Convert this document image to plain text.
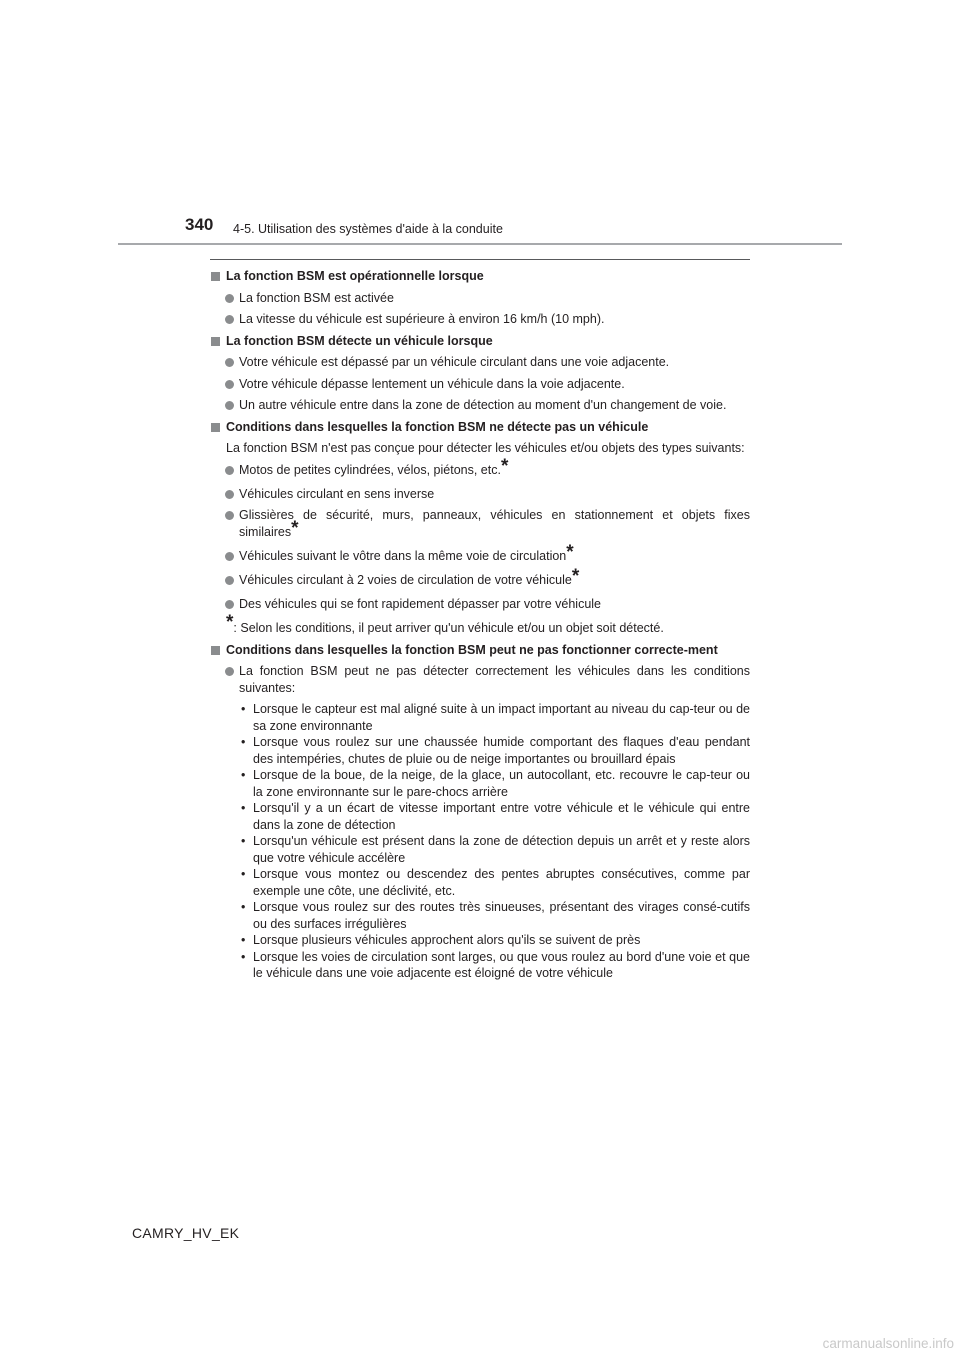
340 4-5. Utilisation des systèmes d'aide à la conduite
La fonction BSM est opérationnelle lorsque
La fonction BSM est activée
La vitesse du véhicule est supérieure à environ 16 km/h (10 mph).
La fonction BSM détecte un véhicule lorsque
Votre véhicule est dépassé par un véhicule circulant dans une voie adjacente.
Votre véhicule dépasse lentement un véhicule dans la voie adjacente.
Un autre véhicule entre dans la zone de détection au moment d'un changement de voie.
Conditions dans lesquelles la fonction BSM ne détecte pas un véhicule
La fonction BSM n'est pas conçue pour détecter les véhicules et/ou objets des types suivants:
Motos de petites cylindrées, vélos, piétons, etc.*
Véhicules circulant en sens inverse
Glissières de sécurité, murs, panneaux, véhicules en stationnement et objets fixes similaires*
Véhicules suivant le vôtre dans la même voie de circulation*
Véhicules circulant à 2 voies de circulation de votre véhicule*
Des véhicules qui se font rapidement dépasser par votre véhicule
*: Selon les conditions, il peut arriver qu'un véhicule et/ou un objet soit détecté.
Conditions dans lesquelles la fonction BSM peut ne pas fonctionner correcte-ment
La fonction BSM peut ne pas détecter correctement les véhicules dans les conditions suivantes:
• Lorsque le capteur est mal aligné suite à un impact important au niveau du cap-teur ou de sa zone environnante
• Lorsque vous roulez sur une chaussée humide comportant des flaques d'eau pendant des intempéries, chutes de pluie ou de neige importantes ou brouillard épais
• Lorsque de la boue, de la neige, de la glace, un autocollant, etc. recouvre le cap-teur ou la zone environnante sur le pare-chocs arrière
• Lorsqu'il y a un écart de vitesse important entre votre véhicule et le véhicule qui entre dans la zone de détection
• Lorsqu'un véhicule est présent dans la zone de détection depuis un arrêt et y reste alors que votre véhicule accélère
• Lorsque vous montez ou descendez des pentes abruptes consécutives, comme par exemple une côte, une déclivité, etc.
• Lorsque vous roulez sur des routes très sinueuses, présentant des virages consé-cutifs ou des surfaces irrégulières
• Lorsque plusieurs véhicules approchent alors qu'ils se suivent de près
• Lorsque les voies de circulation sont larges, ou que vous roulez au bord d'une voie et que le véhicule dans une voie adjacente est éloigné de votre véhicule
CAMRY_HV_EK
carmanualsonline.info
